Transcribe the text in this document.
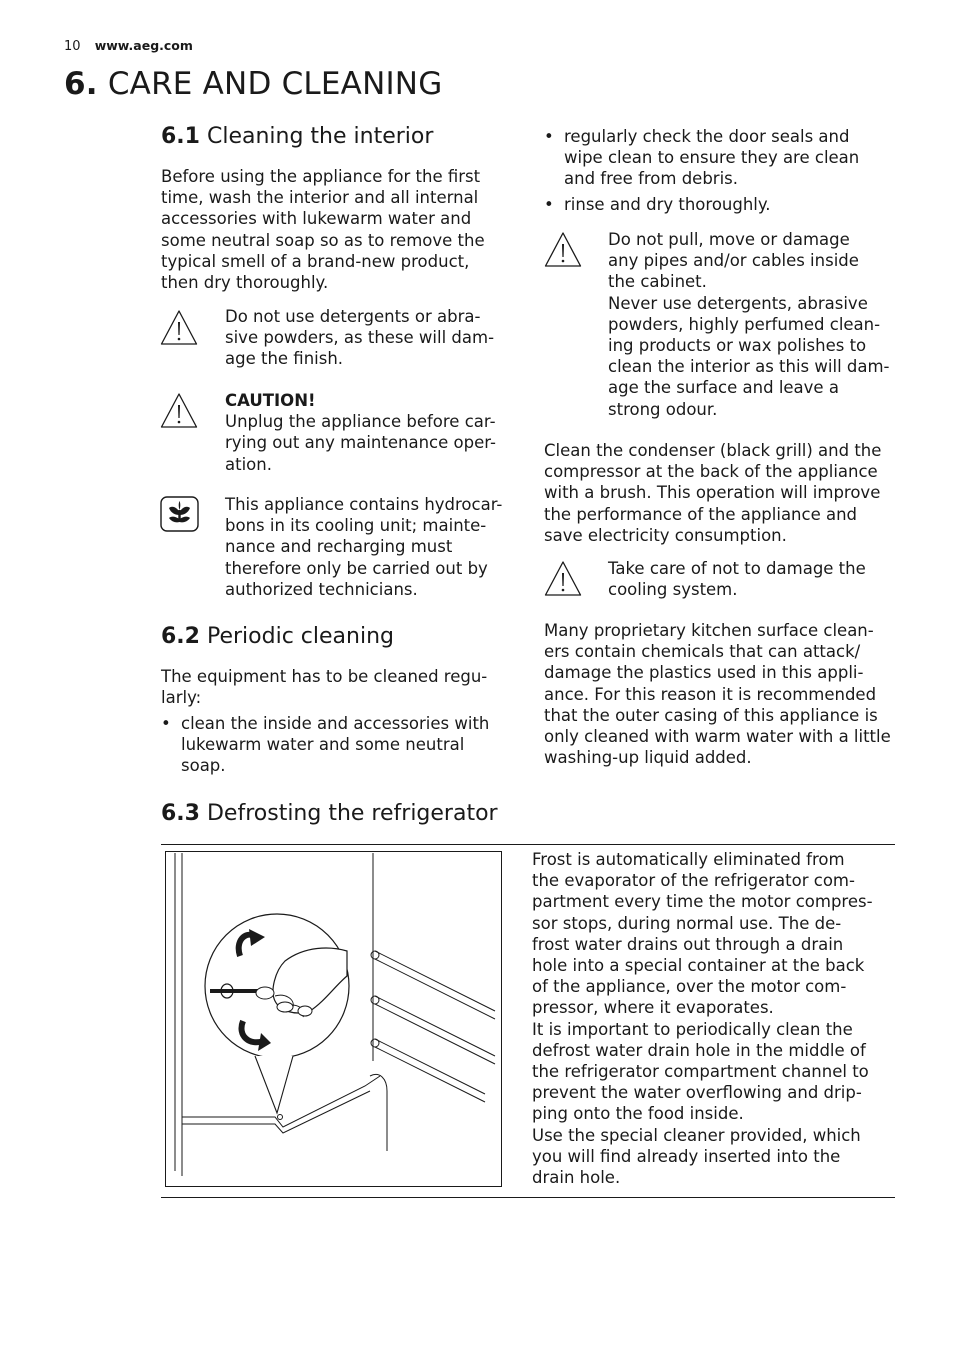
10 www.aeg.com
6. CARE AND CLEANING
6.1 Cleaning the interior
Before using the appliance for the first
time, wash the interior and all internal
accessories with lukewarm water and
some neutral soap so as to remove the
typical smell of a brand-new product,
then dry thoroughly.
Do not use detergents or abra-
sive powders, as these will dam-
age the finish.
CAUTION!
Unplug the appliance before car-
rying out any maintenance oper-
ation.
This appliance contains hydrocar-
bons in its cooling unit; mainte-
nance and recharging must
therefore only be carried out by
authorized technicians.
6.2 Periodic cleaning
The equipment has to be cleaned regu-
larly:
• clean the inside and accessories with
lukewarm water and some neutral
soap.
• regularly check the door seals and
wipe clean to ensure they are clean
and free from debris.
• rinse and dry thoroughly.
Do not pull, move or damage
any pipes and/or cables inside
the cabinet.
Never use detergents, abrasive
powders, highly perfumed clean-
ing products or wax polishes to
clean the interior as this will dam-
age the surface and leave a
strong odour.
Clean the condenser (black grill) and the
compressor at the back of the appliance
with a brush. This operation will improve
the performance of the appliance and
save electricity consumption.
Take care of not to damage the
cooling system.
Many proprietary kitchen surface clean-
ers contain chemicals that can attack/
damage the plastics used in this appli-
ance. For this reason it is recommended
that the outer casing of this appliance is
only cleaned with warm water with a little
washing-up liquid added.
6.3 Defrosting the refrigerator
Frost is automatically eliminated from
the evaporator of the refrigerator com-
partment every time the motor compres-
sor stops, during normal use. The de-
frost water drains out through a drain
hole into a special container at the back
of the appliance, over the motor com-
pressor, where it evaporates.
It is important to periodically clean the
defrost water drain hole in the middle of
the refrigerator compartment channel to
prevent the water overflowing and drip-
ping onto the food inside.
Use the special cleaner provided, which
you will find already inserted into the
drain hole.
